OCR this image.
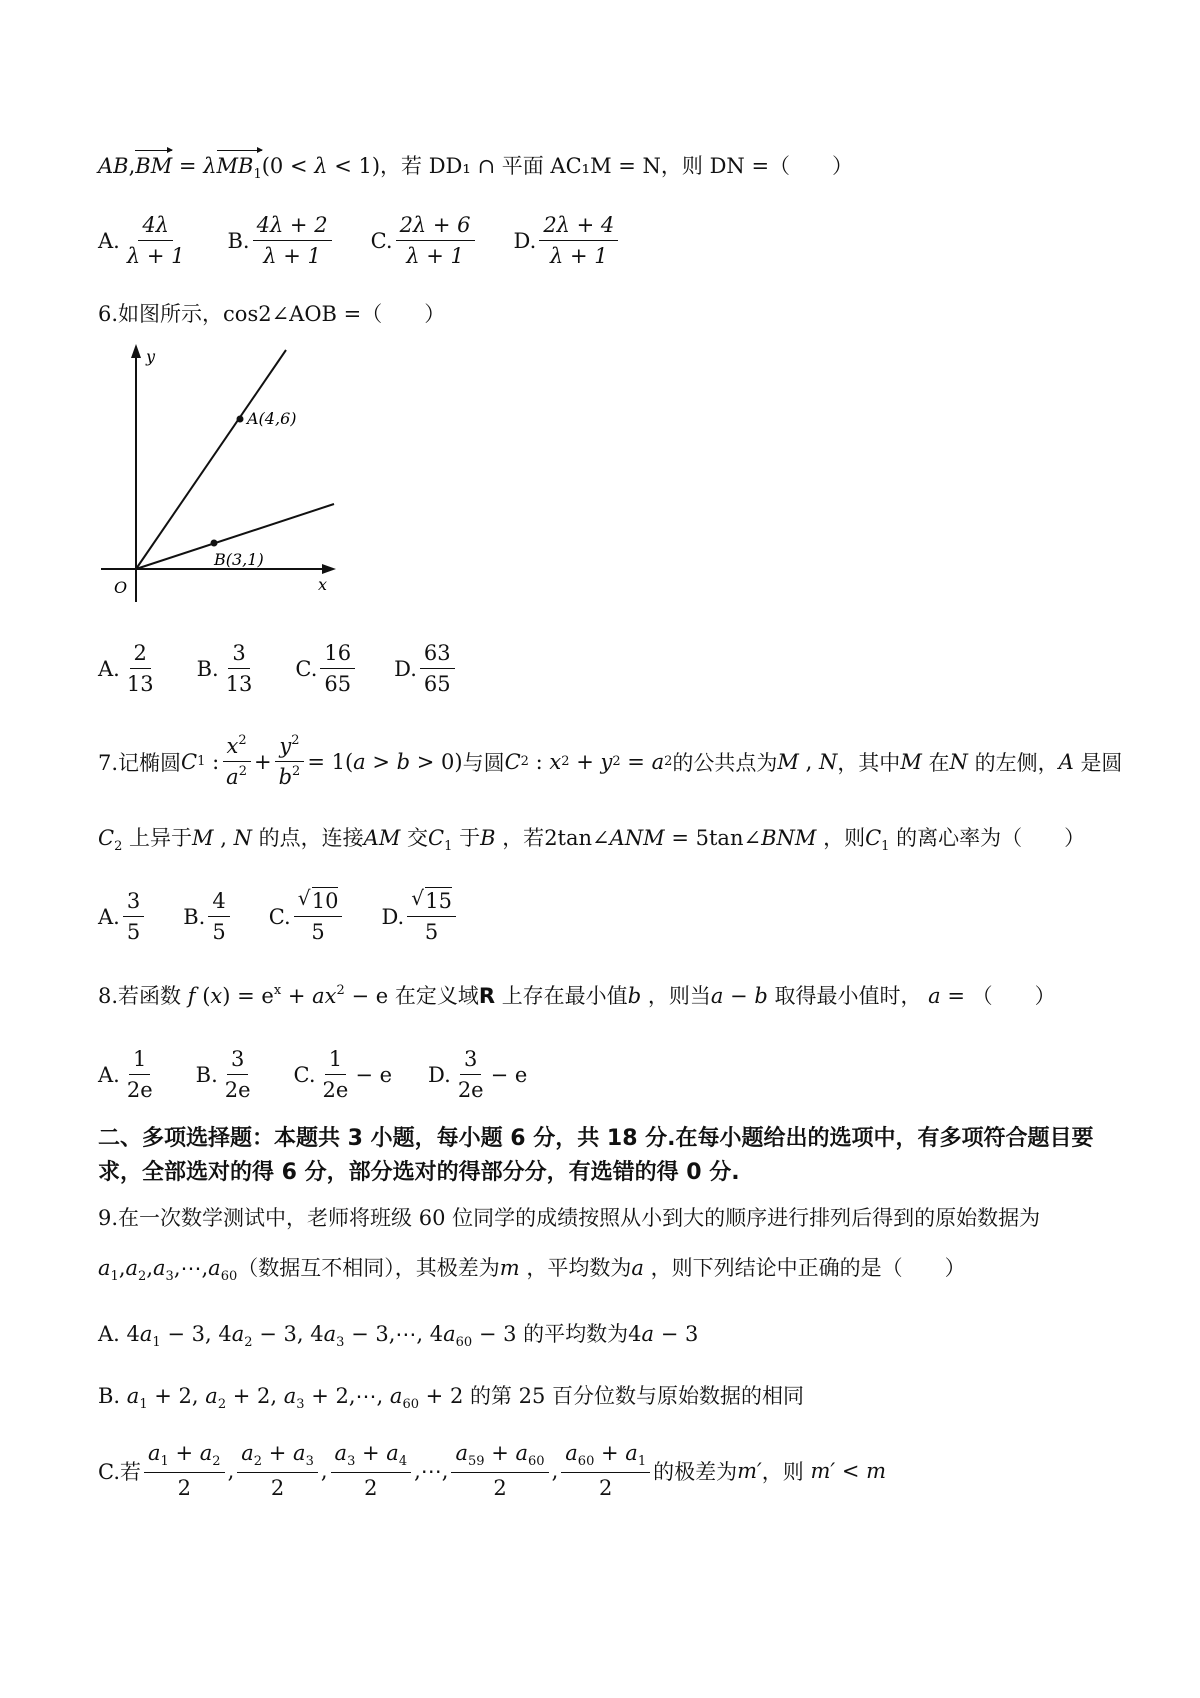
AB,BM = λMB$_1$(0 < λ < 1)，若 DD₁ ∩ 平面 AC₁M = N，则 DN =（　　）
A. $\frac{4\lambda}{\lambda + 1} B$. $\frac{4\lambda + 2}{\lambda + 1} C$. $\frac{2\lambda + 6}{\lambda + 1} D$. $\frac{2\lambda + 4}{\lambda + 1}$
6.如图所示，cos2∠AOB =（　　）
y
x
O
A(4,6)
B(3,1)
A. $\frac{2}{13} B$. $\frac{3}{13} C$. $\frac{16}{65} D$. $\frac{63}{65}$
7.记椭圆 C 1 : $\frac{x^2}{a^2} + \frac{y^2}{b^2} = 1$( a > b > 0) 与圆 C 2 : x 2 + y 2 = a 2 的公共点为 M , N ，其中 M
在 N
的左侧， A
是圆
$C_2$ 上异于M , N 的点，连接AM 交$C_1$ 于B ，若2tan∠ANM = 5tan∠BNM ，则$C_1$ 的离心率为（　　）
A. $\frac{3}{5} B$. $\frac{4}{5} C$. √ $\frac{10}{5} D$. √ $\frac{15}{5}$
8.若函数 f $(x) = e^x + ax^2 - e$ 在定义域R 上存在最小值b ，则当a − b 取得最小值时， a = （　　）
A. $\frac{1}{2e} B$. $\frac{3}{2e} C$. $\frac{1}{2e} - e$ D. $\frac{3}{2e} - e$
二、多项选择题：本题共 3 小题，每小题 6 分，共 18 分.在每小题给出的选项中，有多项符合题目要求，全部选对的得 6 分，部分选对的得部分分，有选错的得 0 分.
9.在一次数学测试中，老师将班级 60 位同学的成绩按照从小到大的顺序进行排列后得到的原始数据为
$a_1,a_2,a_3,\cdots,a_{60}$（数据互不相同），其极差为m ，平均数为a ，则下列结论中正确的是（　　）
A. $4a_1 - 3$, $4a_2 - 3$, $4a_3$ − 3,⋯, $4a_{60} - 3$ 的平均数为4a − 3
B. $a_1 + 2$, $a_2 + 2$, $a_3$ + 2,⋯, $a_{60} + 2$ 的第 25 百分位数与原始数据的相同
C.若 $\frac{a_1 + a_2}{2}$ , $\frac{a_2 + a_3}{2}$ , $\frac{a_3 + a_4}{2}$ ,⋯, $\frac{a_{59} + a_{60}}{2}$ , $\frac{a_{60} + a_1}{2}$ 的极差为 m′ ，则
m′ < m
